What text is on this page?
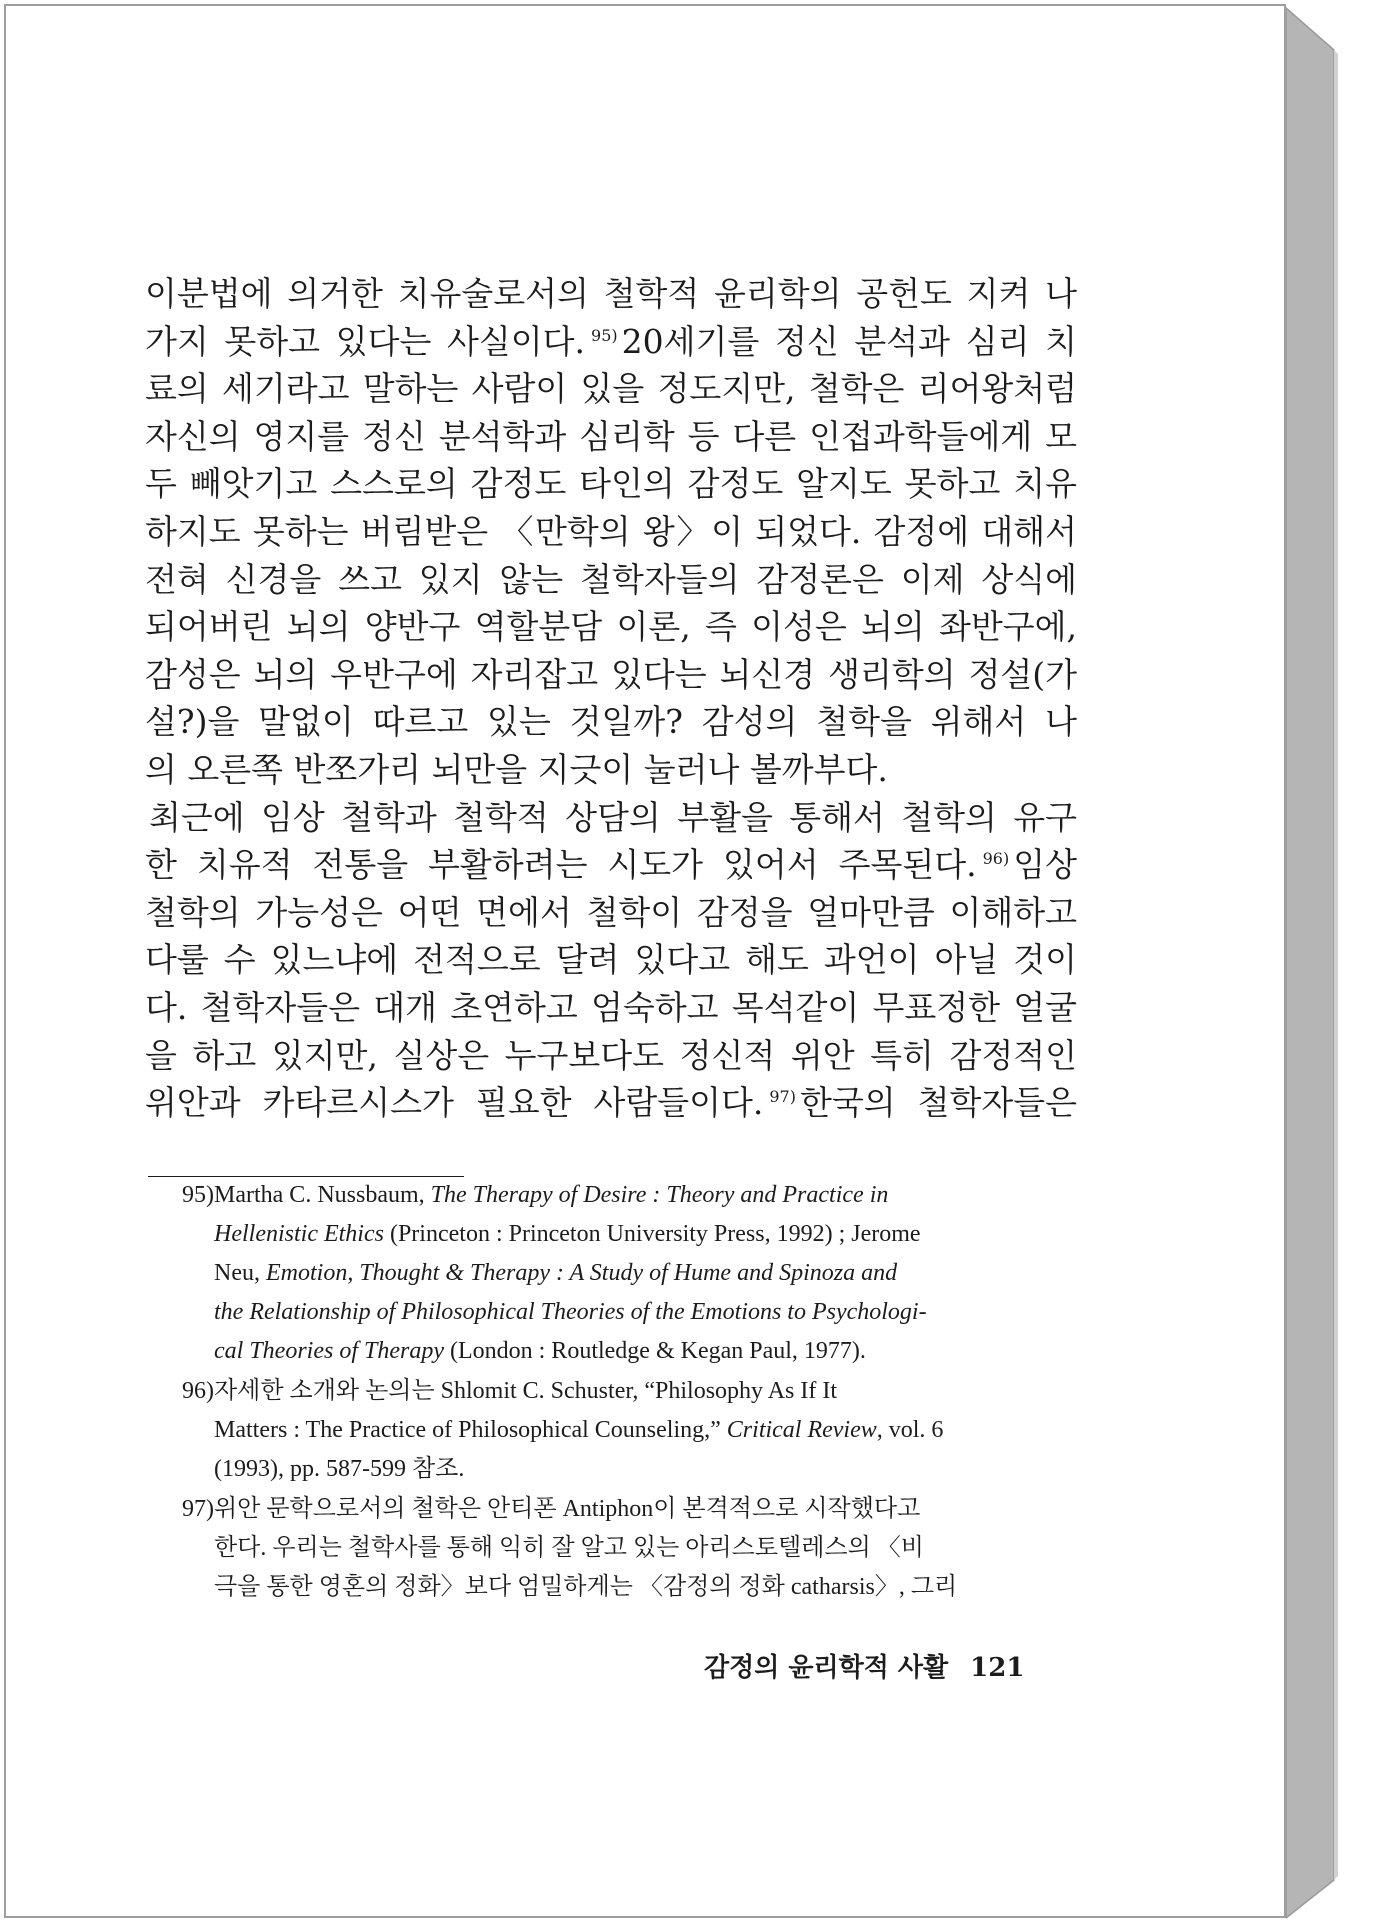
이분법에 의거한 치유술로서의 철학적 윤리학의 공헌도 지켜 나
가지 못하고 있다는 사실이다. $^{95)}$ 20세기를 정신 분석과 심리 치
료의 세기라고 말하는 사람이 있을 정도지만, 철학은 리어왕처럼
자신의 영지를 정신 분석학과 심리학 등 다른 인접과학들에게 모
두 빼앗기고 스스로의 감정도 타인의 감정도 알지도 못하고 치유
하지도 못하는 버림받은 〈만학의 왕〉이 되었다. 감정에 대해서
전혀 신경을 쓰고 있지 않는 철학자들의 감정론은 이제 상식에
되어버린 뇌의 양반구 역할분담 이론, 즉 이성은 뇌의 좌반구에,
감성은 뇌의 우반구에 자리잡고 있다는 뇌신경 생리학의 정설(가
설?)을 말없이 따르고 있는 것일까? 감성의 철학을 위해서 나
의 오른쪽 반쪼가리 뇌만을 지긋이 눌러나 볼까부다.
최근에 임상 철학과 철학적 상담의 부활을 통해서 철학의 유구
한 치유적 전통을 부활하려는 시도가 있어서 주목된다. $^{96)}$ 임상
철학의 가능성은 어떤 면에서 철학이 감정을 얼마만큼 이해하고
다룰 수 있느냐에 전적으로 달려 있다고 해도 과언이 아닐 것이
다. 철학자들은 대개 초연하고 엄숙하고 목석같이 무표정한 얼굴
을 하고 있지만, 실상은 누구보다도 정신적 위안 특히 감정적인
위안과 카타르시스가 필요한 사람들이다. $^{97)}$ 한국의 철학자들은
95) Martha C. Nussbaum, The Therapy of Desire : Theory and Practice in
Hellenistic Ethics (Princeton : Princeton University Press, 1992) ; Jerome
Neu, Emotion, Thought & Therapy : A Study of Hume and Spinoza and
the Relationship of Philosophical Theories of the Emotions to Psychologi-
cal Theories of Therapy (London : Routledge & Kegan Paul, 1977).
96) 자세한 소개와 논의는 Shlomit C. Schuster, “Philosophy As If It
Matters : The Practice of Philosophical Counseling,” Critical Review, vol. 6
(1993), pp. 587-599 참조.
97) 위안 문학으로서의 철학은 안티폰 Antiphon이 본격적으로 시작했다고
한다. 우리는 철학사를 통해 익히 잘 알고 있는 아리스토텔레스의 〈비
극을 통한 영혼의 정화〉보다 엄밀하게는 〈감정의 정화 catharsis〉, 그리
감정의 윤리학적 사활 121
